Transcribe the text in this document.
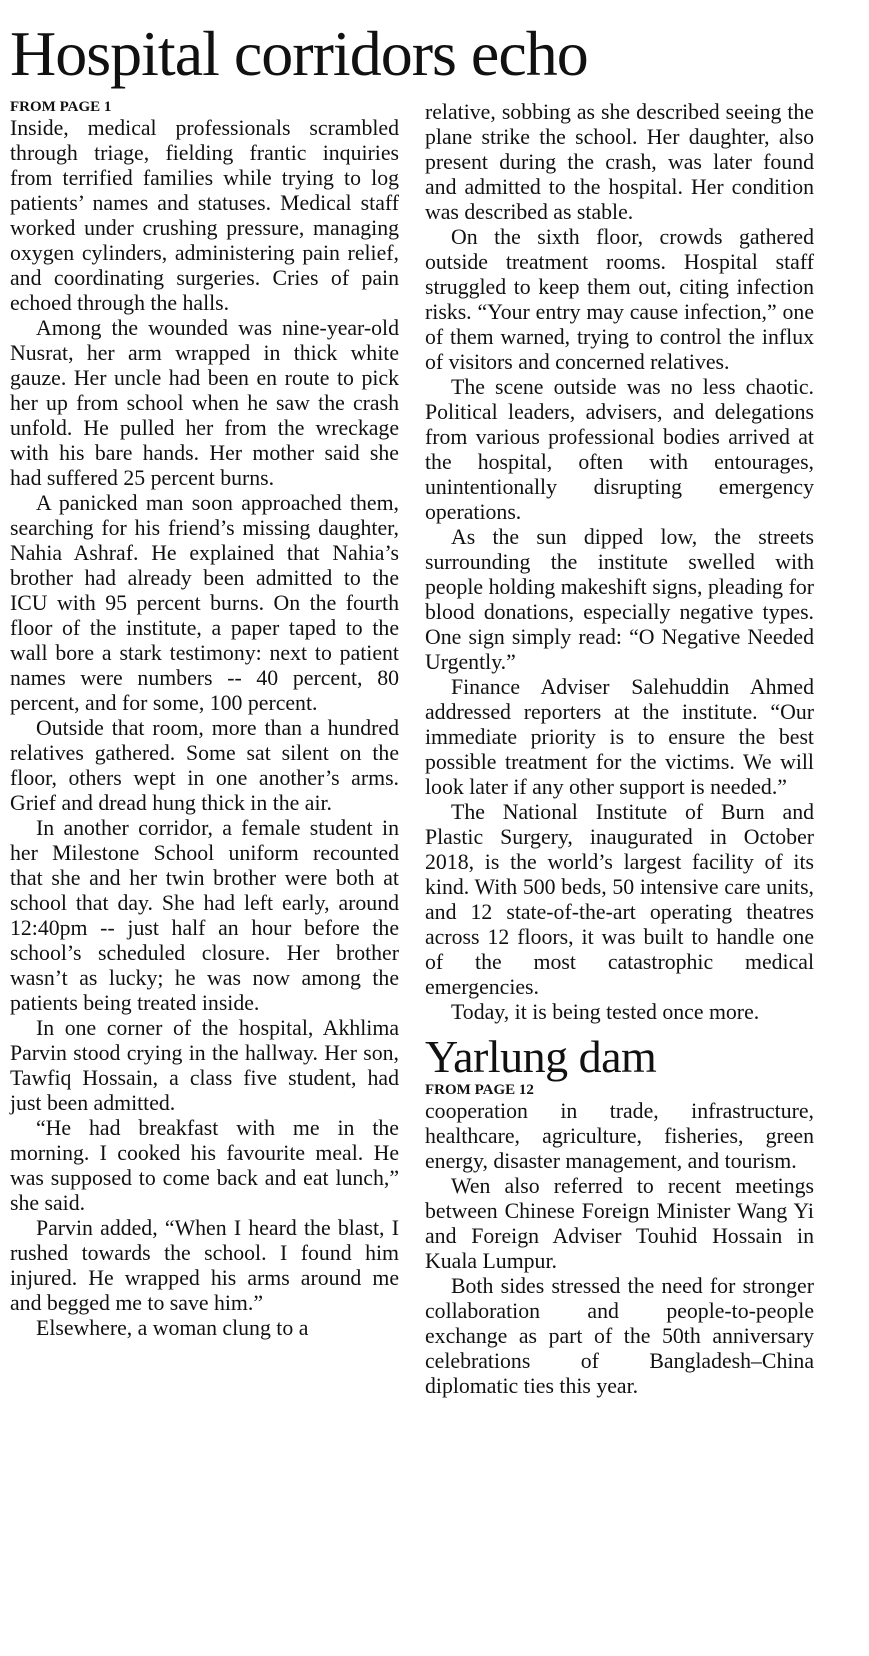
Hospital corridors echo
FROM PAGE 1

Inside, medical professionals scrambled through triage, fielding frantic inquiries from terrified families while trying to log patients’ names and statuses. Medical staff worked under crushing pressure, managing oxygen cylinders, administering pain relief, and coordinating surgeries. Cries of pain echoed through the halls.

Among the wounded was nine-year-old Nusrat, her arm wrapped in thick white gauze. Her uncle had been en route to pick her up from school when he saw the crash unfold. He pulled her from the wreckage with his bare hands. Her mother said she had suffered 25 percent burns.

A panicked man soon approached them, searching for his friend’s missing daughter, Nahia Ashraf. He explained that Nahia’s brother had already been admitted to the ICU with 95 percent burns. On the fourth floor of the institute, a paper taped to the wall bore a stark testimony: next to patient names were numbers -- 40 percent, 80 percent, and for some, 100 percent.

Outside that room, more than a hundred relatives gathered. Some sat silent on the floor, others wept in one another’s arms. Grief and dread hung thick in the air.

In another corridor, a female student in her Milestone School uniform recounted that she and her twin brother were both at school that day. She had left early, around 12:40pm -- just half an hour before the school’s scheduled closure. Her brother wasn’t as lucky; he was now among the patients being treated inside.

In one corner of the hospital, Akhlima Parvin stood crying in the hallway. Her son, Tawfiq Hossain, a class five student, had just been admitted.

“He had breakfast with me in the morning. I cooked his favourite meal. He was supposed to come back and eat lunch,” she said.

Parvin added, “When I heard the blast, I rushed towards the school. I found him injured. He wrapped his arms around me and begged me to save him.”

Elsewhere, a woman clung to a

relative, sobbing as she described seeing the plane strike the school. Her daughter, also present during the crash, was later found and admitted to the hospital. Her condition was described as stable.

On the sixth floor, crowds gathered outside treatment rooms. Hospital staff struggled to keep them out, citing infection risks. “Your entry may cause infection,” one of them warned, trying to control the influx of visitors and concerned relatives.

The scene outside was no less chaotic. Political leaders, advisers, and delegations from various professional bodies arrived at the hospital, often with entourages, unintentionally disrupting emergency operations.

As the sun dipped low, the streets surrounding the institute swelled with people holding makeshift signs, pleading for blood donations, especially negative types. One sign simply read: “O Negative Needed Urgently.”

Finance Adviser Salehuddin Ahmed addressed reporters at the institute. “Our immediate priority is to ensure the best possible treatment for the victims. We will look later if any other support is needed.”

The National Institute of Burn and Plastic Surgery, inaugurated in October 2018, is the world’s largest facility of its kind. With 500 beds, 50 intensive care units, and 12 state-of-the-art operating theatres across 12 floors, it was built to handle one of the most catastrophic medical emergencies.

Today, it is being tested once more.

Yarlung dam
FROM PAGE 12

cooperation in trade, infrastructure, healthcare, agriculture, fisheries, green energy, disaster management, and tourism.

Wen also referred to recent meetings between Chinese Foreign Minister Wang Yi and Foreign Adviser Touhid Hossain in Kuala Lumpur.

Both sides stressed the need for stronger collaboration and people-to-people exchange as part of the 50th anniversary celebrations of Bangladesh–China diplomatic ties this year.
